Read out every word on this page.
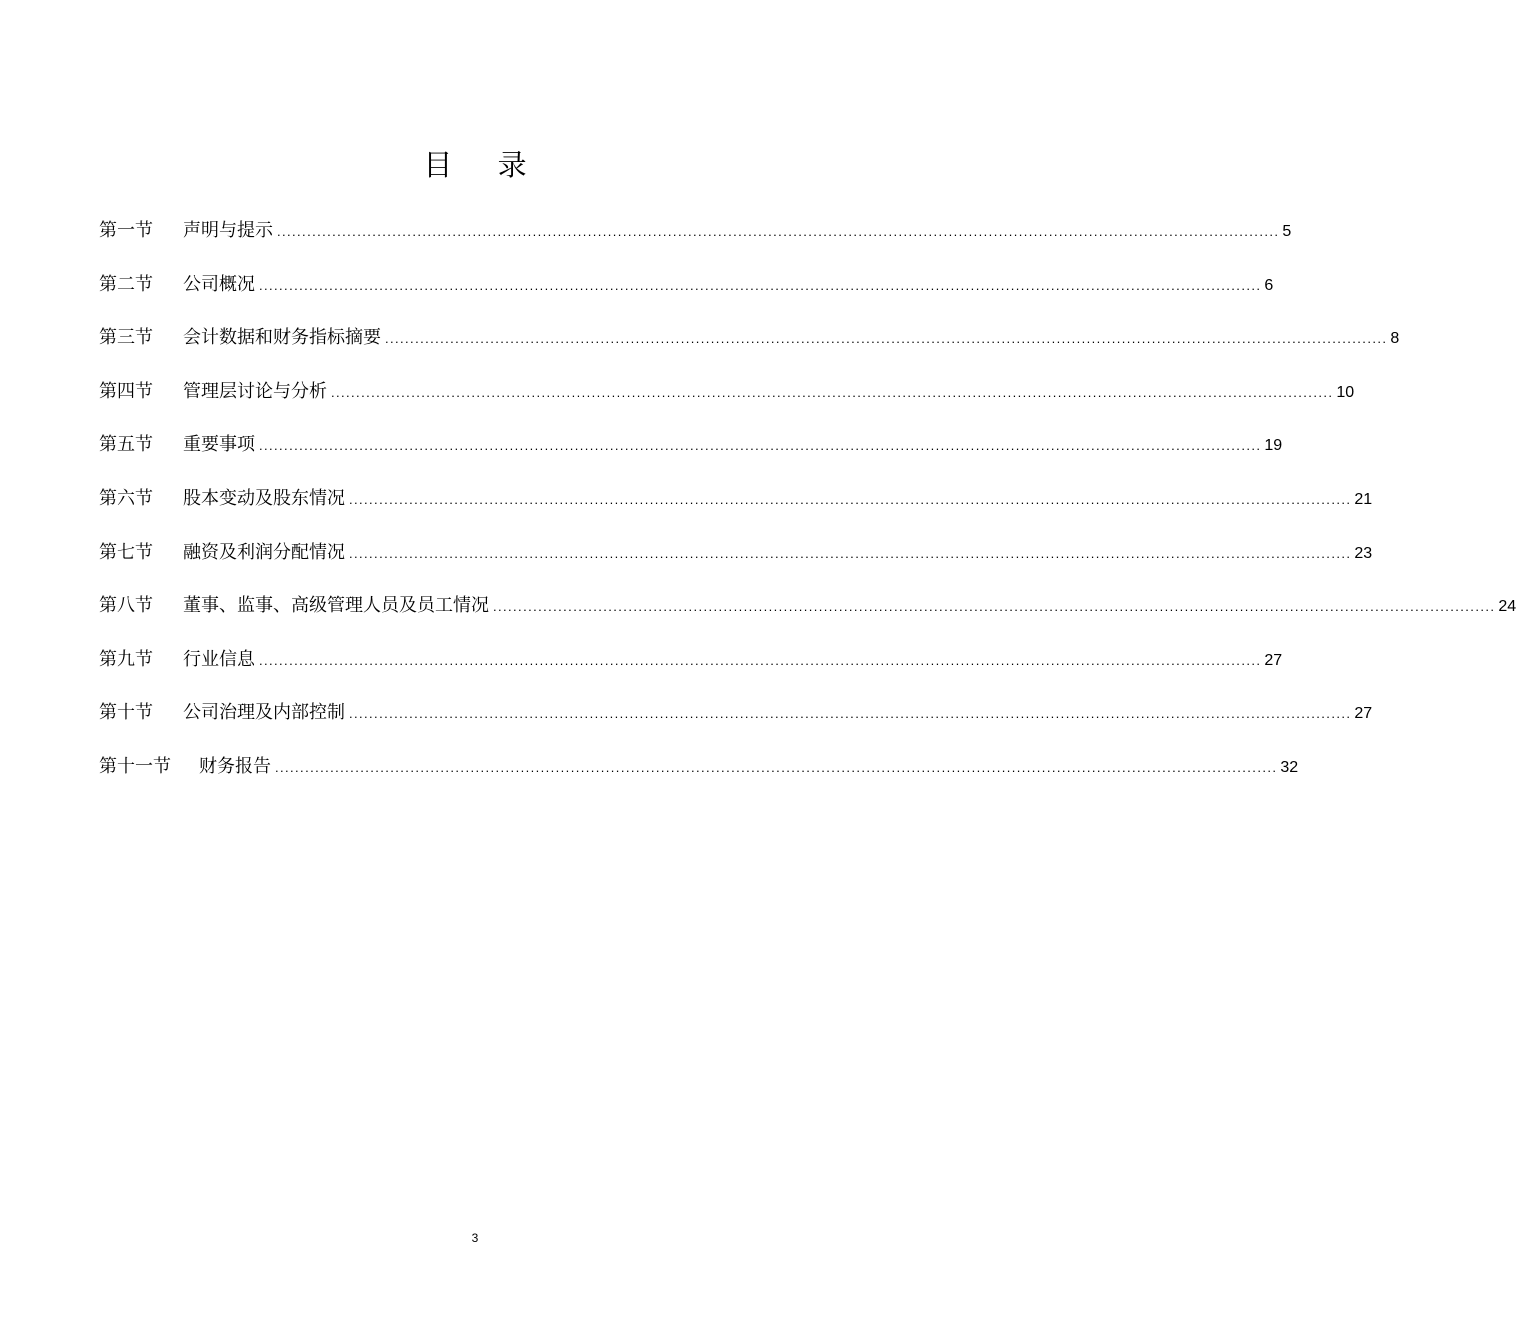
目 录
第一节	声明与提示 ........................................................................................................................................................................................................ 5
第二节	公司概况 ........................................................................................................................................................................................................ 6
第三节	会计数据和财务指标摘要 ........................................................................................................................................................................................................ 8
第四节	管理层讨论与分析 ........................................................................................................................................................................................................ 10
第五节	重要事项 ........................................................................................................................................................................................................ 19
第六节	股本变动及股东情况 ........................................................................................................................................................................................................ 21
第七节	融资及利润分配情况 ........................................................................................................................................................................................................ 23
第八节	董事、监事、高级管理人员及员工情况 ........................................................................................................................................................................................................ 24
第九节	行业信息 ........................................................................................................................................................................................................ 27
第十节	公司治理及内部控制 ........................................................................................................................................................................................................ 27
第十一节	财务报告 ........................................................................................................................................................................................................ 32
3
